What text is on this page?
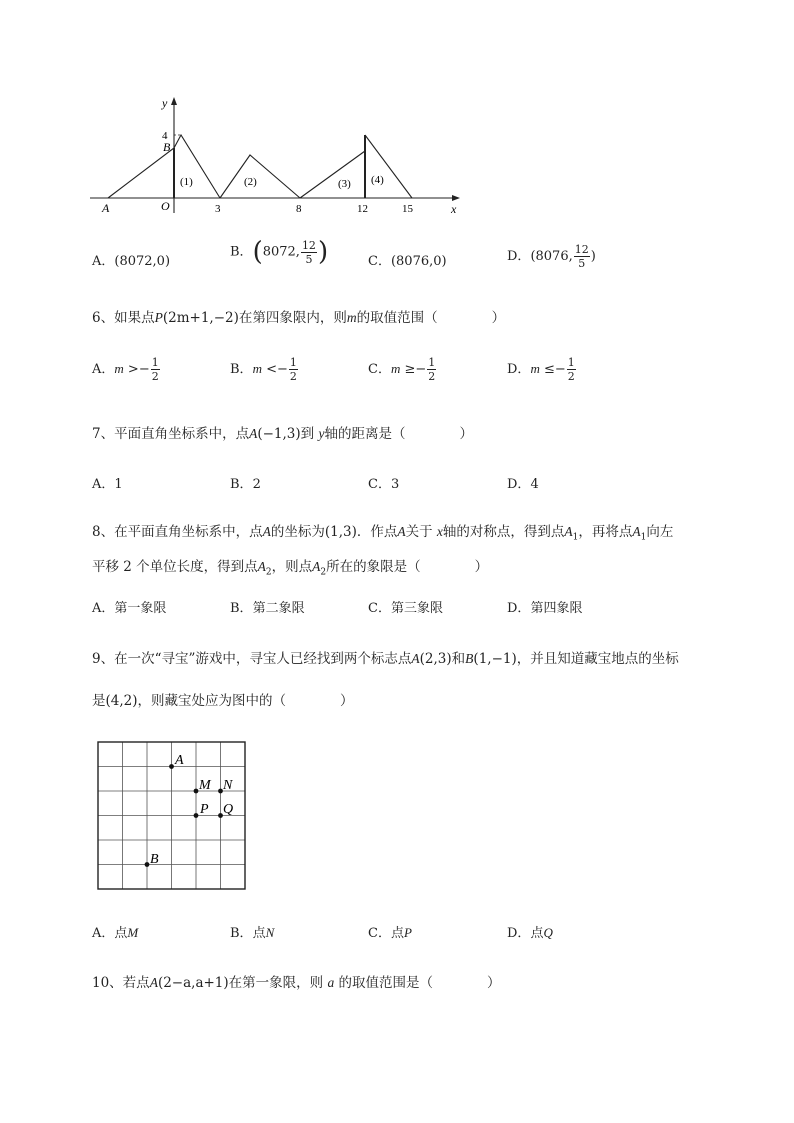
y
x
4
B
A	O	3	8	12	15
(1)	(2)	(3) (4)
A．(8072,0)
B．(8072, $\frac{12}{5}$ )	C．(8076,0)	D．(8076, $\frac{12}{5}$ )
6、如果点P(2m+1,−2)在第四象限内，则m的取值范围（　　　　）
A．$m >- \frac{1}{2}$	B．$m <- \frac{1}{2}$	C．$m \ge- \frac{1}{2}$	D．$m \le- \frac{1}{2}$
7、平面直角坐标系中，点A(−1,3)到 y轴的距离是（　　　　）
A．1	B．2	C．3	D．4
8、在平面直角坐标系中，点A的坐标为(1,3)．作点A关于 x轴的对称点，得到点$A_1$，再将点$A_1$向左
平移 2 个单位长度，得到点$A_2$，则点$A_2$所在的象限是（　　　　）
A．第一象限	B．第二象限	C．第三象限	D．第四象限
9、在一次“寻宝”游戏中，寻宝人已经找到两个标志点A(2,3)和B(1,−1)，并且知道藏宝地点的坐标
是(4,2)，则藏宝处应为图中的（　　　　）
A
M N
P Q
B
A．点M	B．点N	C．点P	D．点Q
10、若点A(2−a,a+1)在第一象限，则 a 的取值范围是（　　　　）
